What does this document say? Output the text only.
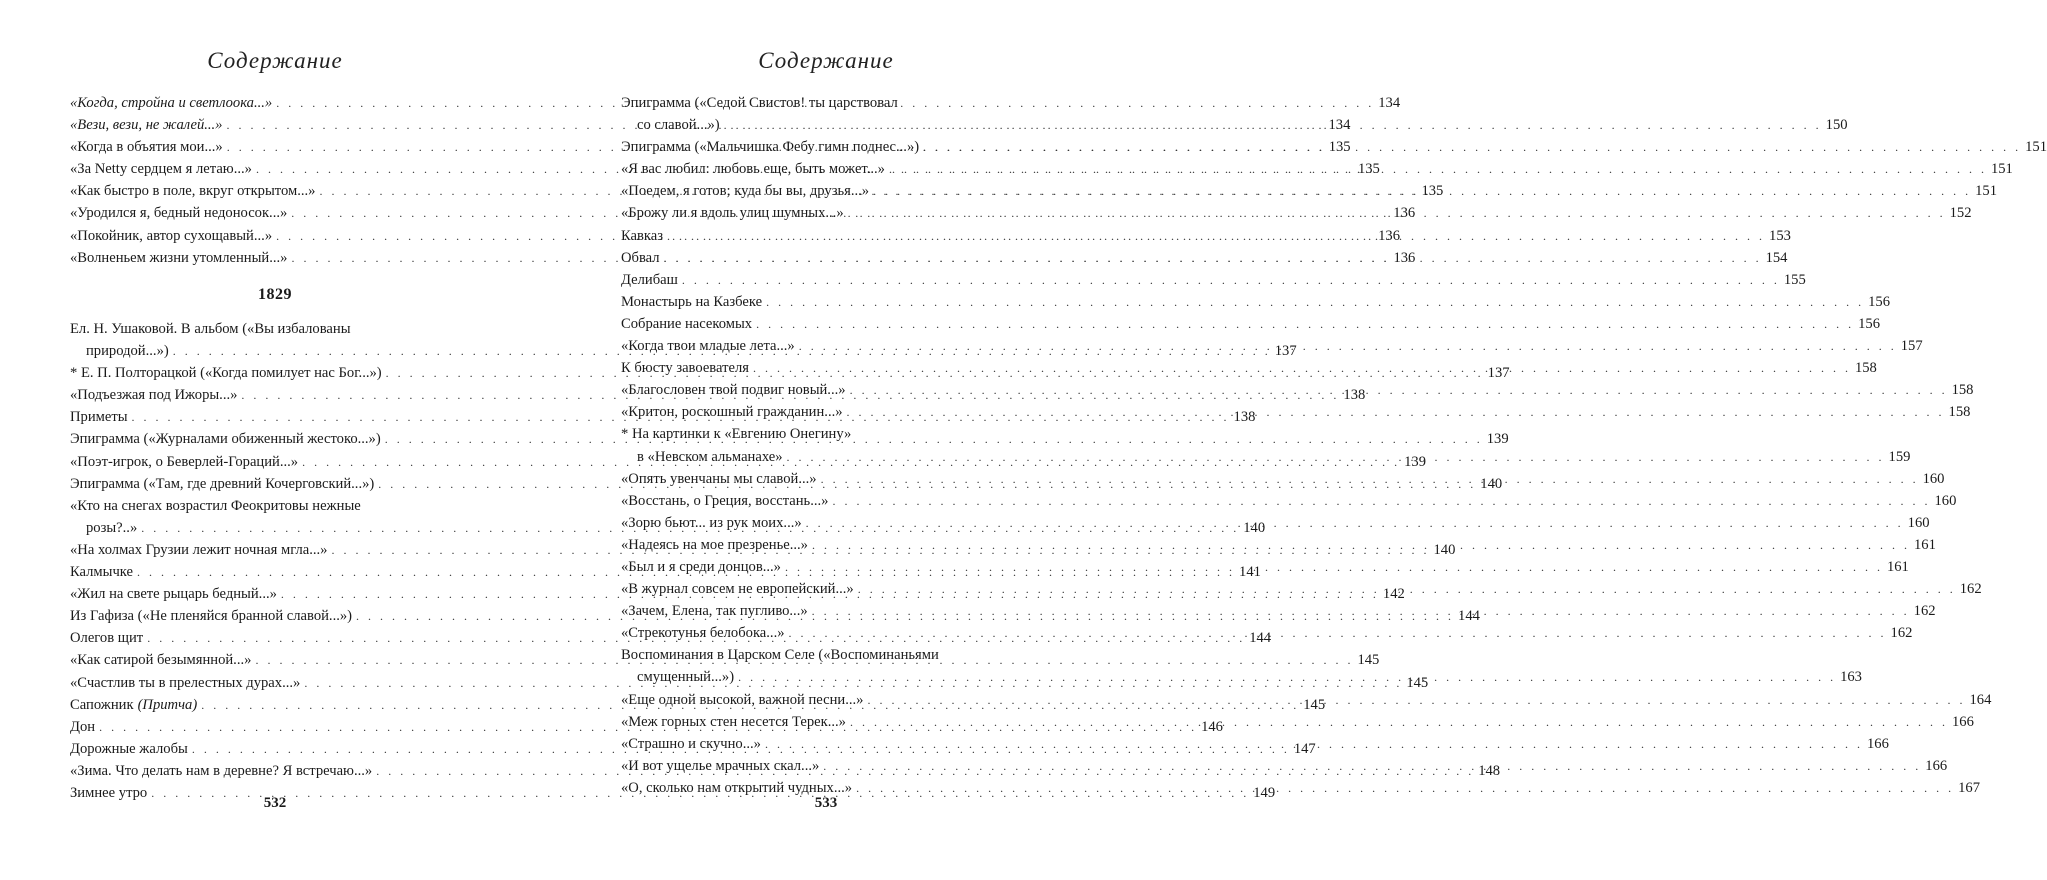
Содержание
«Когда, стройна и светлоока...» . . .	134
«Вези, вези, не жалей...» . . .	134
«Когда в объятия мои...» . . .	135
«За Netty сердцем я летаю...» . . .	135
«Как быстро в поле, вкруг открытом...» . . .	135
«Уродился я, бедный недоносок...» . . .	136
«Покойник, автор сухощавый...» . . .	136
«Волненьем жизни утомленный...» . . .	136
1829
Ел. Н. Ушаковой. В альбом («Вы избалованы
природой...») . . .	137
* Е. П. Полторацкой («Когда помилует нас Бог...») . . .	137
«Подъезжая под Ижоры...» . . .	138
Приметы . . .	138
Эпиграмма («Журналами обиженный жестоко...») . . .	139
«Поэт-игрок, о Беверлей-Гораций...» . . .	139
Эпиграмма («Там, где древний Кочерговский...») . . .	140
«Кто на снегах возрастил Феокритовы нежные
розы?..» . . .	140
«На холмах Грузии лежит ночная мгла...» . . .	140
Калмычке . . .	141
«Жил на свете рыцарь бедный...» . . .	142
Из Гафиза («Не пленяйся бранной славой...») . . .	144
Олегов щит . . .	144
«Как сатирой безымянной...» . . .	145
«Счастлив ты в прелестных дурах...» . . .	145
Сапожник (Притча) . . .	145
Дон . . .	146
Дорожные жалобы . . .	147
«Зима. Что делать нам в деревне? Я встречаю...» . . .	148
Зимнее утро . . .	149
532
Содержание
Эпиграмма («Седой Свистов! ты царствовал
со славой...») . . .	150
Эпиграмма («Мальчишка Фебу гимн поднес...») . . .	151
«Я вас любил: любовь еще, быть может...» . . .	151
«Поедем, я готов; куда бы вы, друзья...» . . .	151
«Брожу ли я вдоль улиц шумных...» . . .	152
Кавказ . . .	153
Обвал . . .	154
Делибаш . . .	155
Монастырь на Казбеке . . .	156
Собрание насекомых . . .	156
«Когда твои младые лета...» . . .	157
К бюсту завоевателя . . .	158
«Благословен твой подвиг новый...» . . .	158
«Критон, роскошный гражданин...» . . .	158
* На картинки к «Евгению Онегину»
в «Невском альманахе» . . .	159
«Опять увенчаны мы славой...» . . .	160
«Восстань, о Греция, восстань...» . . .	160
«Зорю бьют... из рук моих...» . . .	160
«Надеясь на мое презренье...» . . .	161
«Был и я среди донцов...» . . .	161
«В журнал совсем не европейский...» . . .	162
«Зачем, Елена, так пугливо...» . . .	162
«Стрекотунья белобока...» . . .	162
Воспоминания в Царском Селе («Воспоминаньями
смущенный...») . . .	163
«Еще одной высокой, важной песни...» . . .	164
«Меж горных стен несется Терек...» . . .	166
«Страшно и скучно...» . . .	166
«И вот ущелье мрачных скал...» . . .	166
«О, сколько нам открытий чудных...» . . .	167
533
